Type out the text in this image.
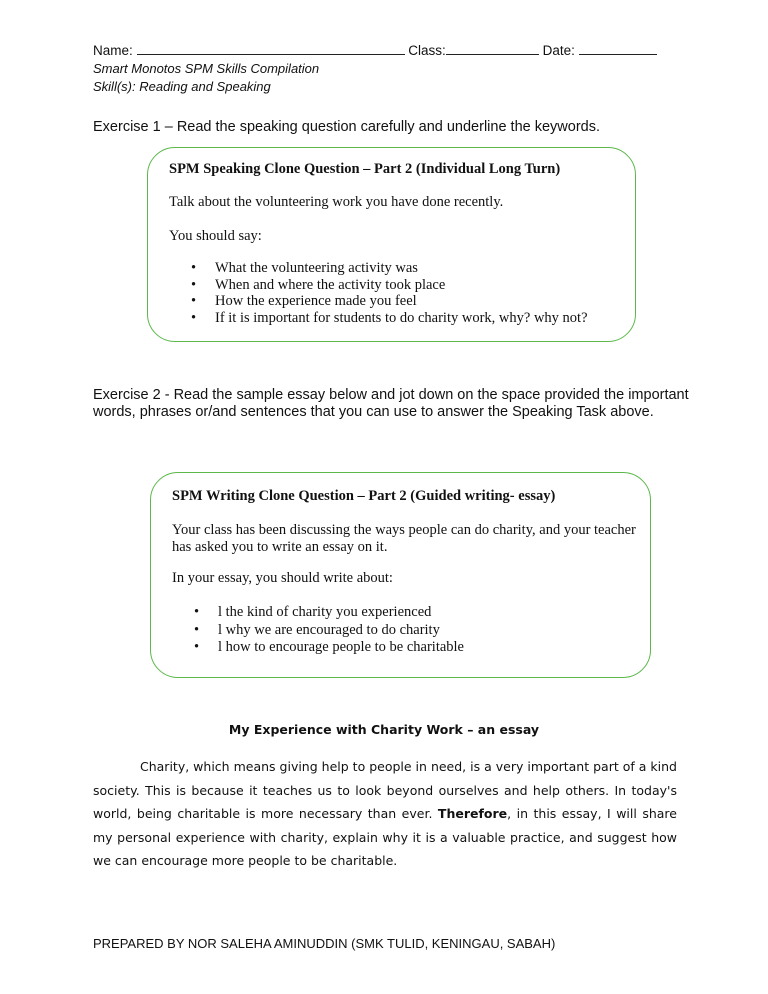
Name:	Class:	Date:
Smart Monotos SPM Skills Compilation
Skill(s): Reading and Speaking
Exercise 1 – Read the speaking question carefully and underline the keywords.
SPM Speaking Clone Question – Part 2 (Individual Long Turn)
Talk about the volunteering work you have done recently.
You should say:
• What the volunteering activity was
• When and where the activity took place
• How the experience made you feel
• If it is important for students to do charity work, why? why not?
Exercise 2 - Read the sample essay below and jot down on the space provided the important words, phrases or/and sentences that you can use to answer the Speaking Task above.
SPM Writing Clone Question – Part 2 (Guided writing- essay)
Your class has been discussing the ways people can do charity, and your teacher has asked you to write an essay on it.
In your essay, you should write about:
• l the kind of charity you experienced
• l why we are encouraged to do charity
• l how to encourage people to be charitable
My Experience with Charity Work – an essay
Charity, which means giving help to people in need, is a very important part of a kind society. This is because it teaches us to look beyond ourselves and help others. In today's world, being charitable is more necessary than ever. Therefore, in this essay, I will share my personal experience with charity, explain why it is a valuable practice, and suggest how we can encourage more people to be charitable.
PREPARED BY NOR SALEHA AMINUDDIN (SMK TULID, KENINGAU, SABAH)
